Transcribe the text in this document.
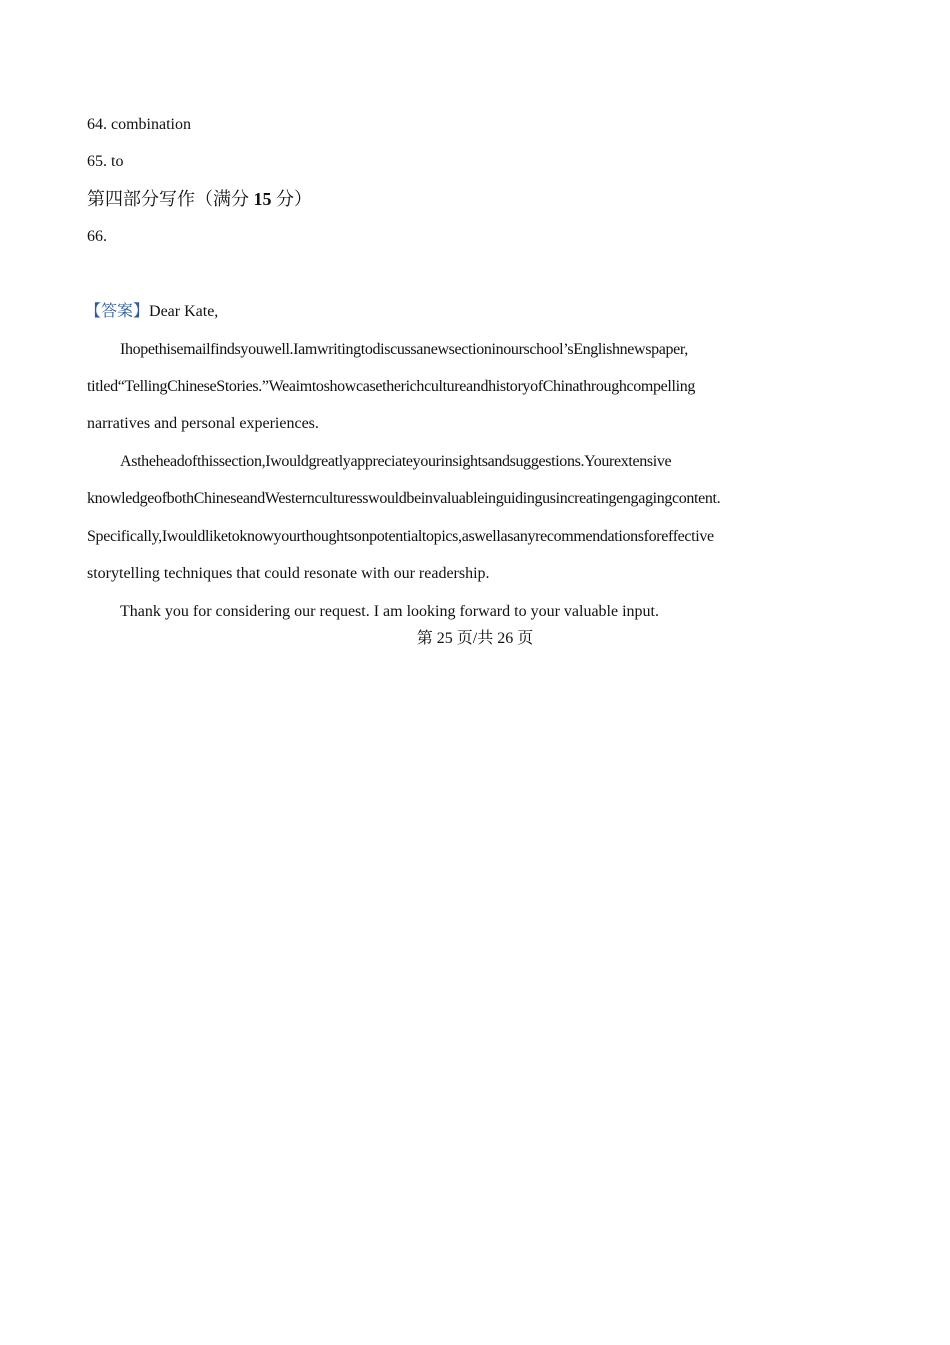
64. combination
65. to
第四部分写作（满分 15 分）
66.
【答案】Dear Kate,
Ihopethisemailfindsyouwell.Iamwritingtodiscussanewsectioninourschool’sEnglishnewspaper,
titled“TellingChineseStories.”WeaimtoshowcasetherichcultureandhistoryofChinathroughcompelling
narratives and personal experiences.
Astheheadofthissection,Iwouldgreatlyappreciateyourinsightsandsuggestions.Yourextensive
knowledgeofbothChineseandWesternculturesswouldbeinvaluableinguidingusincreatingengagingcontent.
Specifically,Iwouldliketoknowyourthoughtsonpotentialtopics,aswellasanyrecommendationsforeffective
storytelling techniques that could resonate with our readership.
Thank you for considering our request. I am looking forward to your valuable input.
第 25 页/共 26 页
